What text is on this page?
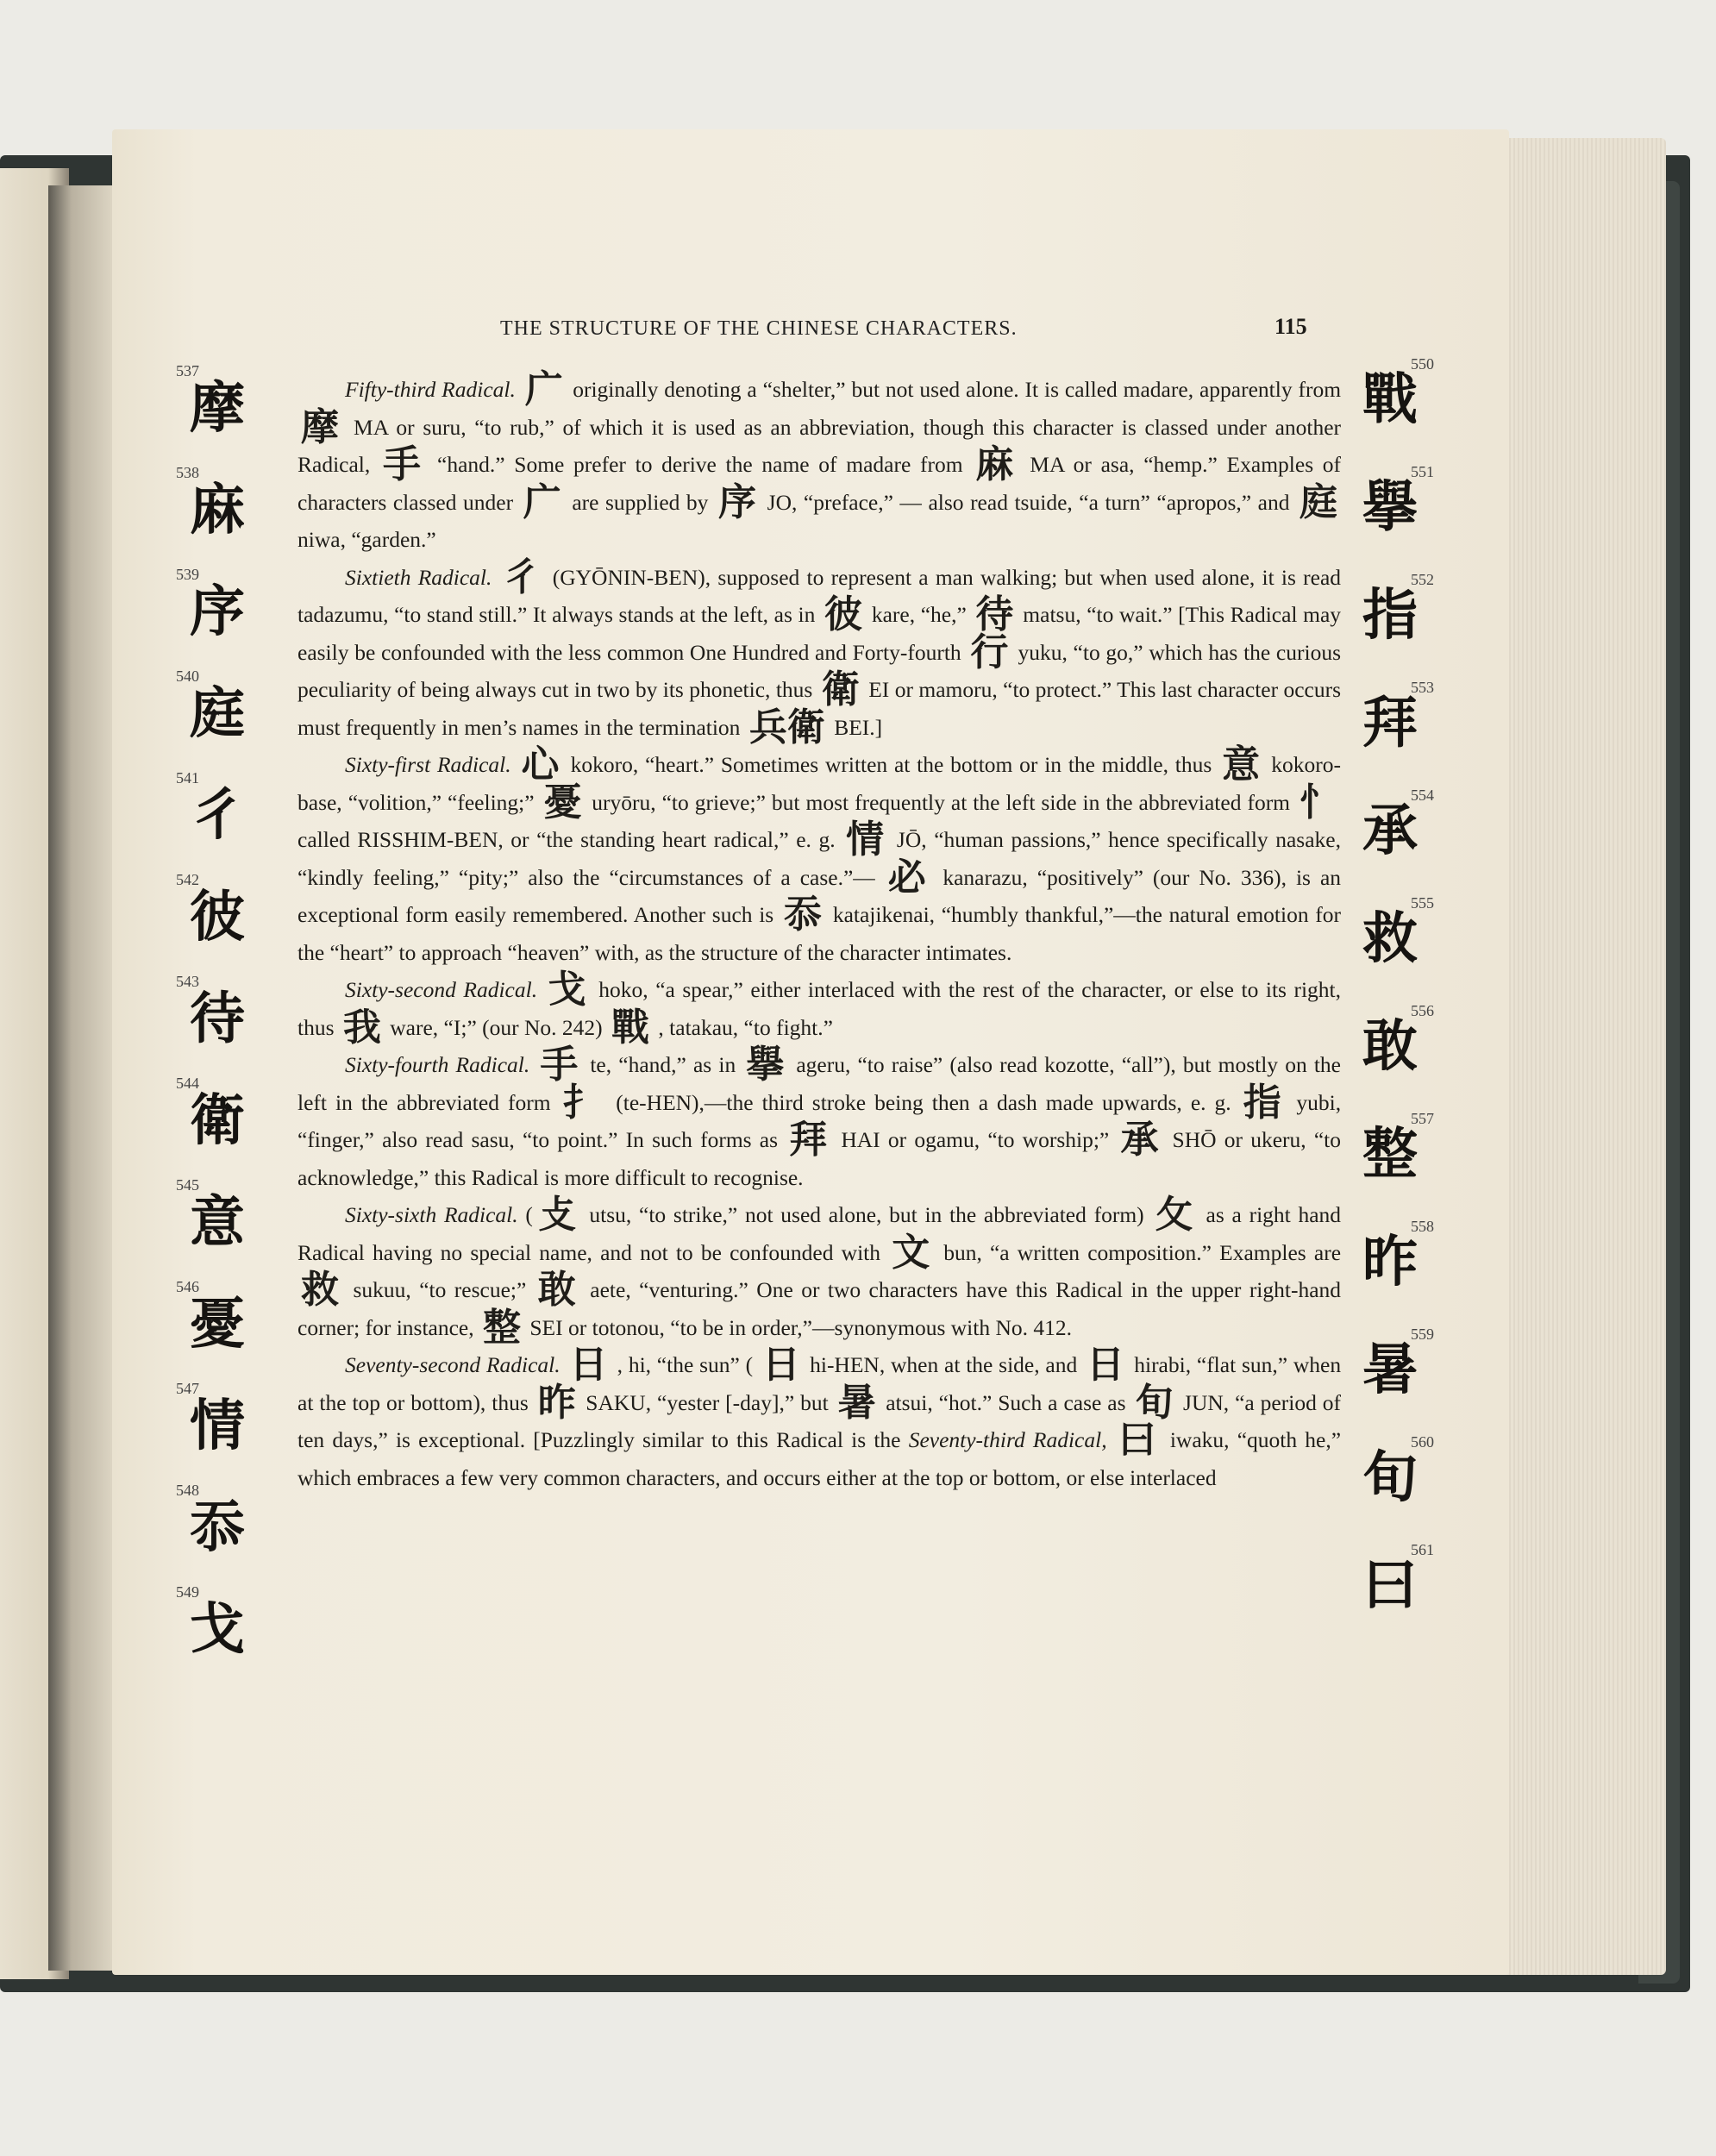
THE STRUCTURE OF THE CHINESE CHARACTERS.	115
537
摩
538
麻
539
序
540
庭
541
彳
542
彼
543
待
544
衛
545
意
546
憂
547
情
548
忝
549
戈
550
戰
551
擧
552
指
553
拜
554
承
555
救
556
敢
557
整
558
昨
559
暑
560
旬
561
曰

Fifty-third Radical. 广 originally denoting a “shelter,” but not used alone. It is called madare, apparently from 摩 MA or suru, “to rub,” of which it is used as an abbreviation, though this character is classed under another Radical, 手 “hand.” Some prefer to derive the name of madare from 麻 MA or asa, “hemp.” Examples of characters classed under 广 are supplied by 序 JO, “preface,” — also read tsuide, “a turn” “apropos,” and 庭 niwa, “garden.”

Sixtieth Radical. 彳 (GYŌNIN-BEN), supposed to represent a man walking; but when used alone, it is read tadazumu, “to stand still.” It always stands at the left, as in 彼 kare, “he,” 待 matsu, “to wait.” [This Radical may easily be confounded with the less common One Hundred and Forty-fourth 行 yuku, “to go,” which has the curious peculiarity of being always cut in two by its phonetic, thus 衛 EI or mamoru, “to protect.” This last character occurs must frequently in men’s names in the termination 兵衛 BEI.]

Sixty-first Radical. 心 kokoro, “heart.” Sometimes written at the bottom or in the middle, thus 意 kokoro-base, “volition,” “feeling;” 憂 uryōru, “to grieve;” but most frequently at the left side in the abbreviated form 忄 called RISSHIM-BEN, or “the standing heart radical,” e. g. 情 JŌ, “human passions,” hence specifically nasake, “kindly feeling,” “pity;” also the “circumstances of a case.”— 必 kanarazu, “positively” (our No. 336), is an exceptional form easily remembered. Another such is 忝 katajikenai, “humbly thankful,”—the natural emotion for the “heart” to approach “heaven” with, as the structure of the character intimates.

Sixty-second Radical. 戈 hoko, “a spear,” either interlaced with the rest of the character, or else to its right, thus 我 ware, “I;” (our No. 242) 戰 , tatakau, “to fight.”

Sixty-fourth Radical. 手 te, “hand,” as in 擧 ageru, “to raise” (also read kozotte, “all”), but mostly on the left in the abbreviated form 扌 (te-HEN),—the third stroke being then a dash made upwards, e. g. 指 yubi, “finger,” also read sasu, “to point.” In such forms as 拜 HAI or ogamu, “to worship;” 承 SHŌ or ukeru, “to acknowledge,” this Radical is more difficult to recognise.

Sixty-sixth Radical. (攴 utsu, “to strike,” not used alone, but in the abbreviated form) 攵 as a right hand Radical having no special name, and not to be confounded with 文 bun, “a written composition.” Examples are 救 sukuu, “to rescue;” 敢 aete, “venturing.” One or two characters have this Radical in the upper right-hand corner; for instance, 整 SEI or totonou, “to be in order,”—synonymous with No. 412.

Seventy-second Radical. 日 , hi, “the sun” ( 日 hi-HEN, when at the side, and 日 hirabi, “flat sun,” when at the top or bottom), thus 昨 SAKU, “yester [-day],” but 暑 atsui, “hot.” Such a case as 旬 JUN, “a period of ten days,” is exceptional. [Puzzlingly similar to this Radical is the Seventy-third Radical, 曰 iwaku, “quoth he,” which embraces a few very common characters, and occurs either at the top or bottom, or else interlaced
